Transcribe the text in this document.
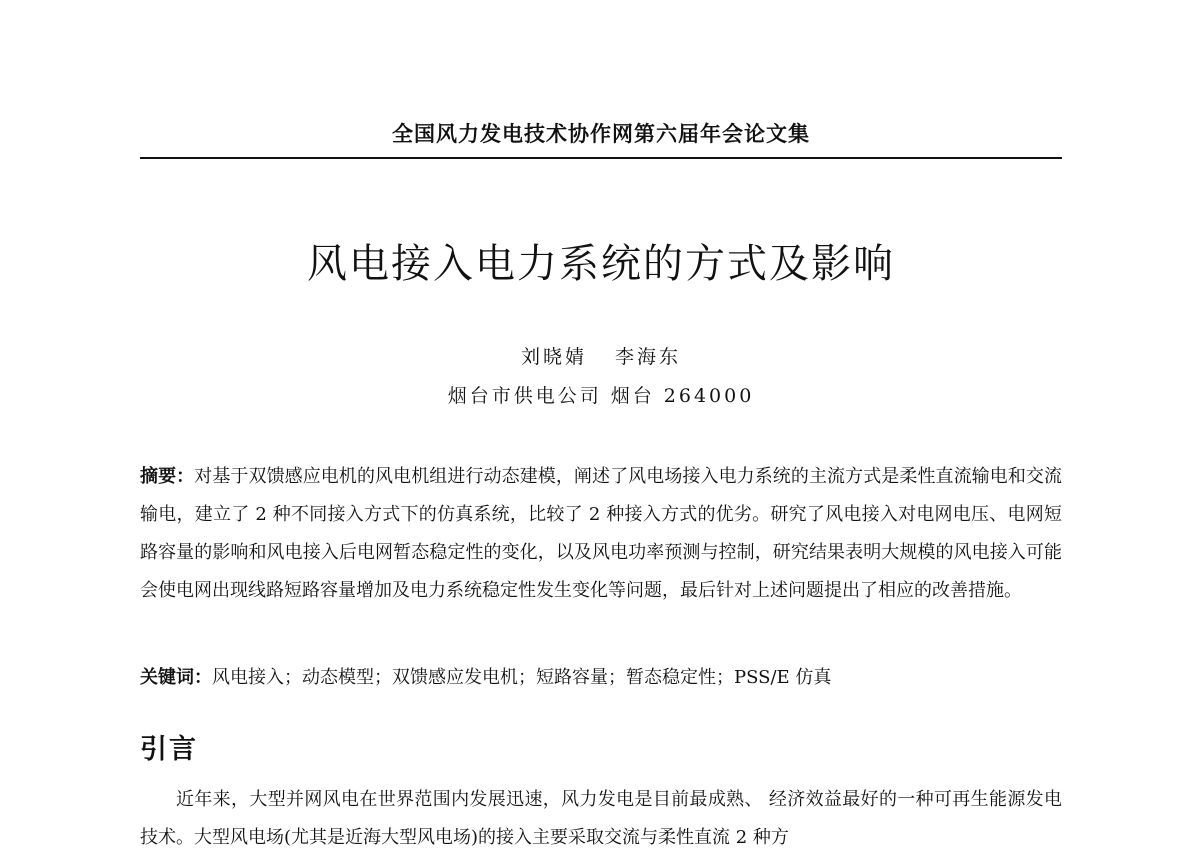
全国风力发电技术协作网第六届年会论文集
风电接入电力系统的方式及影响
刘晓婧 李海东
烟台市供电公司 烟台 264000
摘要：对基于双馈感应电机的风电机组进行动态建模，阐述了风电场接入电力系统的主流方式是柔性直流输电和交流输电，建立了 2 种不同接入方式下的仿真系统，比较了 2 种接入方式的优劣。研究了风电接入对电网电压、电网短路容量的影响和风电接入后电网暂态稳定性的变化，以及风电功率预测与控制，研究结果表明大规模的风电接入可能会使电网出现线路短路容量增加及电力系统稳定性发生变化等问题，最后针对上述问题提出了相应的改善措施。
关键词：风电接入；动态模型；双馈感应发电机；短路容量；暂态稳定性；PSS/E 仿真
引言
近年来，大型并网风电在世界范围内发展迅速，风力发电是目前最成熟、 经济效益最好的一种可再生能源发电技术。大型风电场(尤其是近海大型风电场)的接入主要采取交流与柔性直流 2 种方
